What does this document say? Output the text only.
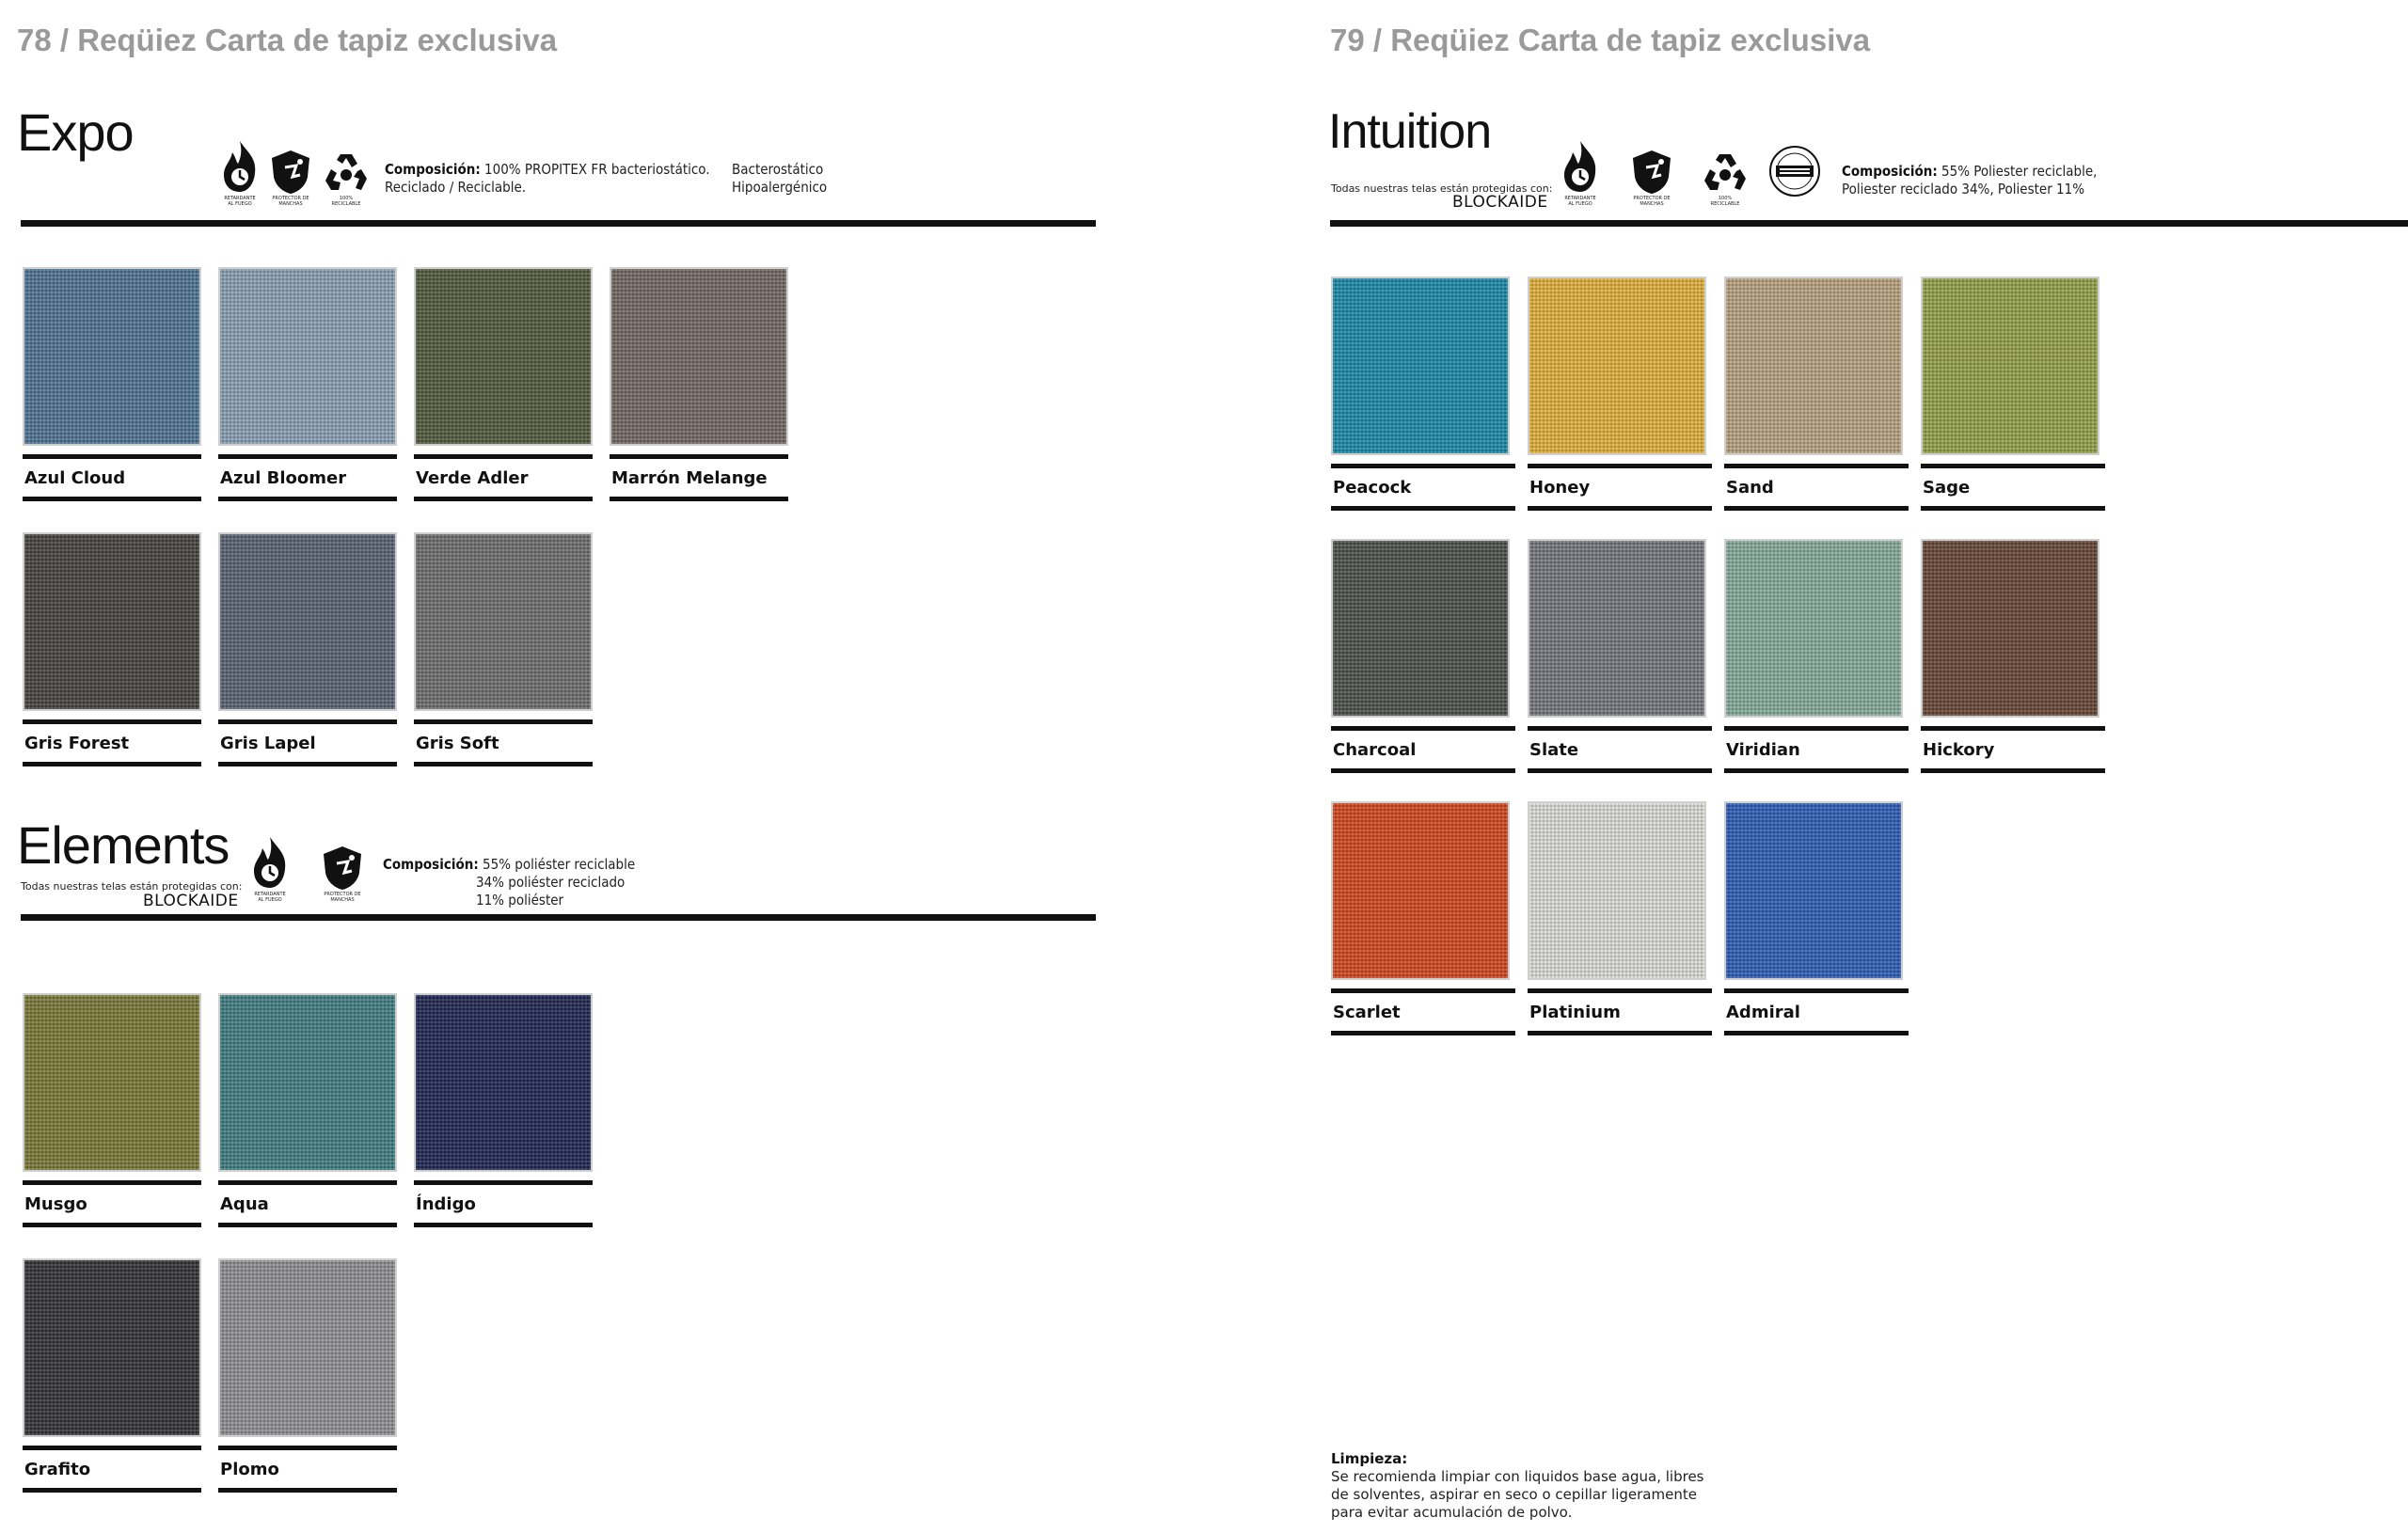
78 / Reqüiez Carta de tapiz exclusiva
Expo
RETARDANTE
AL FUEGO
PROTECTOR DE
MANCHAS
100%
RECICLABLE
Composición: 100% PROPITEX FR bacteriostático.
Reciclado / Reciclable.
Bacterostático
Hipoalergénico
Azul Cloud	Azul Bloomer	Verde Adler	Marrón Melange
Gris Forest	Gris Lapel	Gris Soft
Elements
Todas nuestras telas están protegidas con:
BLOCKAIDE	RETARDANTE
AL FUEGO
PROTECTOR DE
MANCHAS
Composición: 55% poliéster reciclable
34% poliéster reciclado
11% poliéster
Musgo	Aqua	Índigo
Grafito	Plomo
79 / Reqüiez Carta de tapiz exclusiva
Intuition
Todas nuestras telas están protegidas con:
BLOCKAIDE	RETARDANTE
AL FUEGO
PROTECTOR DE
MANCHAS
100%
RECICLABLE
Composición: 55% Poliester reciclable,
Poliester reciclado 34%, Poliester 11%
Peacock	Honey	Sand	Sage
Charcoal	Slate	Viridian	Hickory
Scarlet	Platinium	Admiral
Limpieza:
Se recomienda limpiar con liquidos base agua, libres
de solventes, aspirar en seco o cepillar ligeramente
para evitar acumulación de polvo.
